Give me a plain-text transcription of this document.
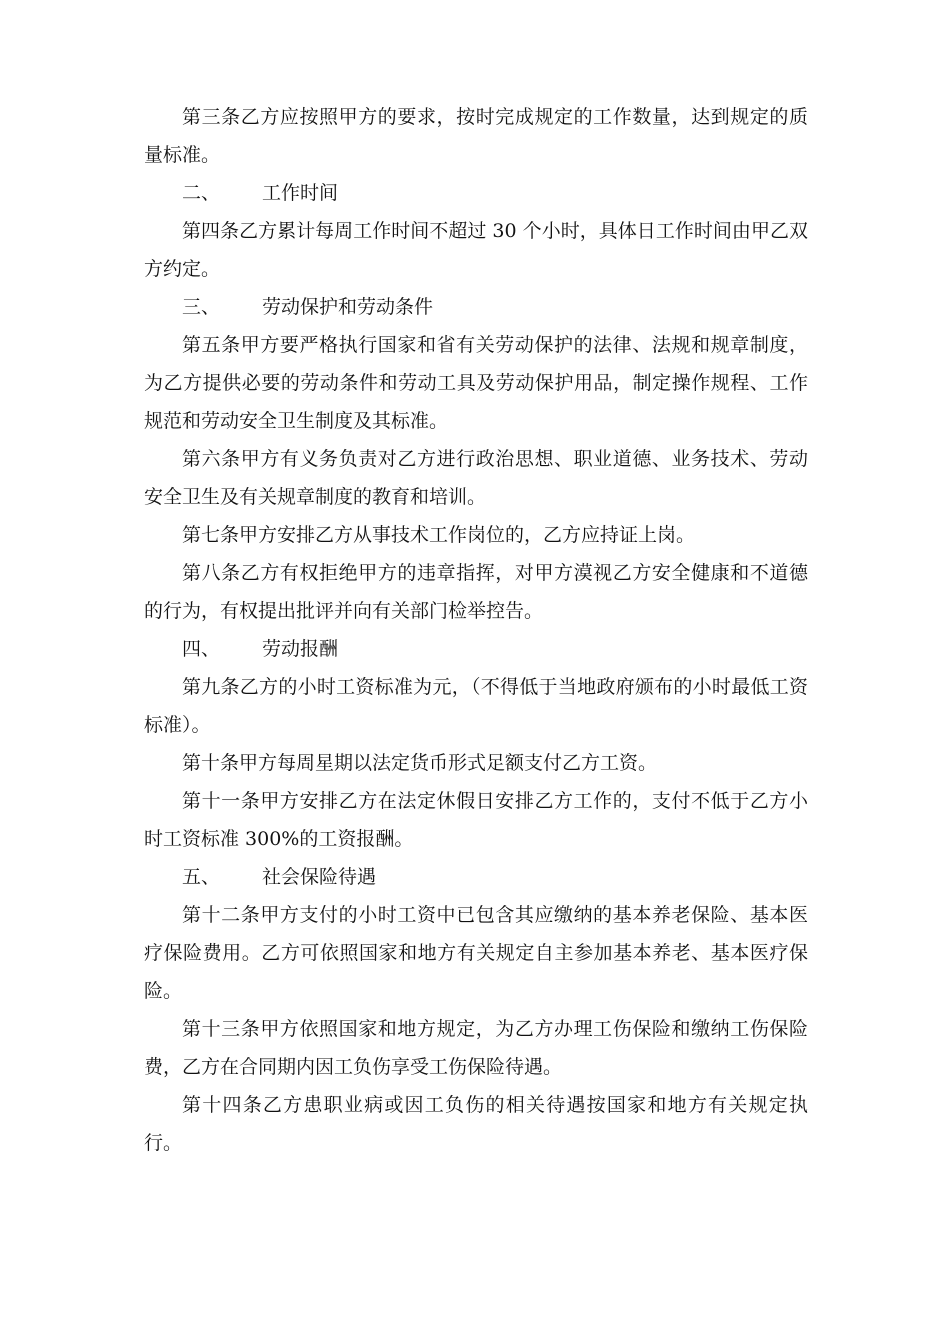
第三条乙方应按照甲方的要求，按时完成规定的工作数量，达到规定的质量标准。

二、 工作时间

第四条乙方累计每周工作时间不超过 30 个小时，具体日工作时间由甲乙双方约定。

三、 劳动保护和劳动条件

第五条甲方要严格执行国家和省有关劳动保护的法律、法规和规章制度，为乙方提供必要的劳动条件和劳动工具及劳动保护用品，制定操作规程、工作规范和劳动安全卫生制度及其标准。

第六条甲方有义务负责对乙方进行政治思想、职业道德、业务技术、劳动安全卫生及有关规章制度的教育和培训。

第七条甲方安排乙方从事技术工作岗位的，乙方应持证上岗。

第八条乙方有权拒绝甲方的违章指挥，对甲方漠视乙方安全健康和不道德的行为，有权提出批评并向有关部门检举控告。

四、 劳动报酬

第九条乙方的小时工资标准为元，（不得低于当地政府颁布的小时最低工资 标准）。

第十条甲方每周星期以法定货币形式足额支付乙方工资。

第十一条甲方安排乙方在法定休假日安排乙方工作的，支付不低于乙方小时工资标准 300%的工资报酬。

五、 社会保险待遇

第十二条甲方支付的小时工资中已包含其应缴纳的基本养老保险、基本医疗保险费用。乙方可依照国家和地方有关规定自主参加基本养老、基本医疗保险。

第十三条甲方依照国家和地方规定，为乙方办理工伤保险和缴纳工伤保险费，乙方在合同期内因工负伤享受工伤保险待遇。

第十四条乙方患职业病或因工负伤的相关待遇按国家和地方有关规定执行。
